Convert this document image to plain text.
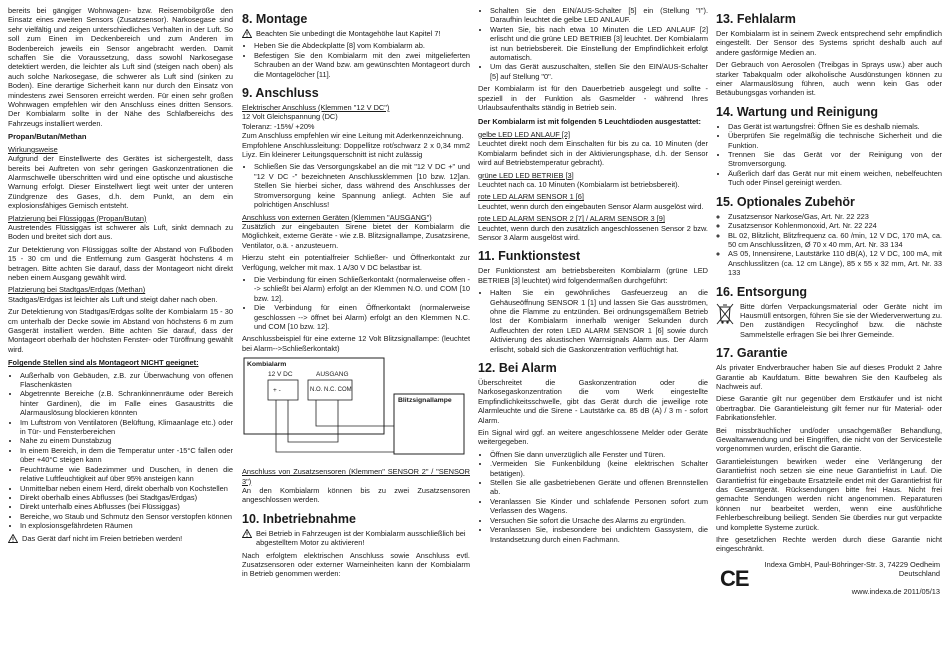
bereits bei gängiger Wohnwagen- bzw. Reisemobilgröße den Einsatz eines zweiten Sensors (Zusatzsensor). Narkosegase sind sehr vielfältig und zeigen unterschiedliches Verhalten in der Luft. So soll zum Einen im Deckenbereich und zum Anderen im Bodenbereich jeweils ein Sensor angebracht werden. Damit schaffen Sie die Voraussetzung, dass sowohl Narkosegase detektiert werden, die leichter als Luft sind (steigen nach oben) als auch solche Narkosegase, die schwerer als Luft sind (sinken zu Boden). Eine derartige Sicherheit kann nur durch den Einsatz von mindestens zwei Sensoren erreicht werden. Für einen sehr großen Wohnwagen empfehlen wir den Anschluss eines dritten Sensors. Der Kombialarm sollte in der Nähe des Schlafbereichs des Fahrzeugs installiert werden.

Propan/Butan/Methan

Wirkungsweise

Aufgrund der Einstellwerte des Gerätes ist sichergestellt, dass bereits bei Auftreten von sehr geringen Gaskonzentrationen die Alarmschwelle überschritten wird und eine optische und akustische Warnung erfolgt. Dieser Einstellwert liegt weit unter der unteren Zündgrenze des Gases, d.h. dem Punkt, an dem ein explosionsfähiges Gemisch entsteht.

Platzierung bei Flüssiggas (Propan/Butan)

Austretendes Flüssiggas ist schwerer als Luft, sinkt demnach zu Boden und breitet sich dort aus.

Zur Detektierung von Flüssiggas sollte der Abstand von Fußboden 15 - 30 cm und die Entfernung zum Gasgerät höchstens 4 m betragen. Bitte achten Sie darauf, dass der Montageort nicht direkt neben einem Ausgang gewählt wird.

Platzierung bei Stadtgas/Erdgas (Methan)

Stadtgas/Erdgas ist leichter als Luft und steigt daher nach oben.

Zur Detektierung von Stadtgas/Erdgas sollte der Kombialarm 15 - 30 cm unterhalb der Decke sowie im Abstand von höchstens 6 m zum Gasgerät installiert werden. Bitte achten Sie darauf, dass der Montageort oberhalb der höchsten Fenster- oder Türöffnung gewählt wird.

Folgende Stellen sind als Montageort NICHT geeignet:

• Außerhalb von Gebäuden, z.B. zur Überwachung von offenen Flaschenkästen
• Abgetrennte Bereiche (z.B. Schrankinnenräume oder Bereich hinter Gardinen), die im Falle eines Gasaustritts die Alarmauslösung blockieren könnten
• Im Luftstrom von Ventilatoren (Belüftung, Klimaanlage etc.) oder in Tür- und Fensterbereichen
• Nahe zu einem Dunstabzug
• In einem Bereich, in dem die Temperatur unter -15°C fallen oder über +40°C steigen kann
• Feuchträume wie Badezimmer und Duschen, in denen die relative Luftfeuchtigkeit auf über 95% ansteigen kann
• Unmittelbar neben einem Herd, direkt oberhalb von Kochstellen
• Direkt oberhalb eines Abflusses (bei Stadtgas/Erdgas)
• Direkt unterhalb eines Abflusses (bei Flüssiggas)
• Bereiche, wo Staub und Schmutz den Sensor verstopfen können
• In explosionsgefährdeten Räumen
Das Gerät darf nicht im Freien betrieben werden!
8. Montage
Beachten Sie unbedingt die Montagehöhe laut Kapitel 7!
• Heben Sie die Abdeckplatte [8] vom Kombialarm ab.
• Befestigen Sie den Kombialarm mit den zwei mitgelieferten Schrauben an der Wand bzw. am gewünschten Montageort durch die Montagelöcher [11].
9. Anschluss

Elektrischer Anschluss (Klemmen "12 V DC")

12 Volt Gleichspannung (DC)

Toleranz: -15%/ +20%

Zum Anschluss empfehlen wir eine Leitung mit Aderkennzeichnung.

Empfohlene Anschlussleitung: Doppellitze rot/schwarz 2 x 0,34 mm2 Liyz. Ein kleinerer Leitungsquerschnitt ist nicht zulässig

• Schließen Sie das Versorgungskabel an die mit "12 V DC +" und "12 V DC -" bezeichneten Anschlussklemmen [10 bzw. 12]an. Stellen Sie hierbei sicher, dass während des Anschlusses der Stromversorgung keine Spannung anliegt. Achten Sie auf polrichtigen Anschluss!

Anschluss von externen Geräten (Klemmen "AUSGANG")

Zusätzlich zur eingebauten Sirene bietet der Kombialarm die Möglichkeit, externe Geräte - wie z.B. Blitzsignallampe, Zusatzsirene, Ventilator, o.ä. - anzusteuern.

Hierzu steht ein potentialfreier Schließer- und Öffnerkontakt zur Verfügung, welcher mit max. 1 A/30 V DC belastbar ist.

• Die Verbindung für einen Schließerkontakt (normalerweise offen --> schließt bei Alarm) erfolgt an der Klemmen N.O. und COM [10 bzw. 12].
• Die Verbindung für einen Öffnerkontakt (normalerweise geschlossen --> öffnet bei Alarm) erfolgt an den Klemmen N.C. und COM [10 bzw. 12].

Anschlussbeispiel für eine externe 12 Volt Blitzsignallampe: (leuchtet bei Alarm-->Schließerkontakt)

Kombialarm
12 V DC
+ -
AUSGANG
N.O. N.C. COM
Blitzsignallampe

Anschluss von Zusatzsensoren (Klemmen" SENSOR 2" / "SENSOR 3")

An den Kombialarm können bis zu zwei Zusatzsensoren angeschlossen werden.

10. Inbetriebnahme
Bei Betrieb in Fahrzeugen ist der Kombialarm ausschließlich bei abgestelltem Motor zu aktivieren!

Nach erfolgtem elektrischen Anschluss sowie Anschluss evtl. Zusatzsensoren oder externer Warneinheiten kann der Kombialarm in Betrieb genommen werden:

• Schalten Sie den EIN/AUS-Schalter [5] ein (Stellung "I"). Daraufhin leuchtet die gelbe LED ANLAUF.
• Warten Sie, bis nach etwa 10 Minuten die LED ANLAUF [2] erlischt und die grüne LED BETRIEB [3] leuchtet. Der Kombialarm ist nun betriebsbereit. Die Einstellung der Empfindlichkeit erfolgt automatisch.
• Um das Gerät auszuschalten, stellen Sie den EIN/AUS-Schalter [5] auf Stellung "0".

Der Kombialarm ist für den Dauerbetrieb ausgelegt und sollte - speziell in der Funktion als Gasmelder - während Ihres Urlaubsaufenthalts ständig in Betrieb sein.

Der Kombialarm ist mit folgenden 5 Leuchtdioden ausgestattet:

gelbe LED LED ANLAUF [2]

Leuchtet direkt noch dem Einschalten für bis zu ca. 10 Minuten (der Kombialarm befindet sich in der Aktivierungsphase, d.h. der Sensor wird auf Betriebstemperatur gebracht).

grüne LED LED BETRIEB [3]

Leuchtet nach ca. 10 Minuten (Kombialarm ist betriebsbereit).

rote LED ALARM SENSOR 1 [6]

Leuchtet, wenn durch den eingebauten Sensor Alarm ausgelöst wird.

rote LED ALARM SENSOR 2 [7] / ALARM SENSOR 3 [9]

Leuchtet, wenn durch den zusätzlich angeschlossenen Sensor 2 bzw. Sensor 3 Alarm ausgelöst wird.

11. Funktionstest

Der Funktionstest am betriebsbereiten Kombialarm (grüne LED BETRIEB [3] leuchtet) wird folgendermaßen durchgeführt:

• Halten Sie ein gewöhnliches Gasfeuerzeug an die Gehäuseöffnung SENSOR 1 [1] und lassen Sie Gas ausströmen, ohne die Flamme zu entzünden. Bei ordnungsgemäßem Betrieb löst der Kombialarm innerhalb weniger Sekunden durch Aufleuchten der roten LED ALARM SENSOR 1 [6] sowie durch Aktivierung des akustischen Warnsignals Alarm aus. Der Alarm erlischt, sobald sich die Gaskonzentration verflüchtigt hat.
12. Bei Alarm

Überschreitet die Gaskonzentration oder die Narkosegaskonzentration die vom Werk eingestellte Empfindlichkeitsschwelle, gibt das Gerät durch die jeweilige rote Alarmleuchte und die Sirene - Lautstärke ca. 85 dB (A) / 3 m - sofort Alarm.

Ein Signal wird ggf. an weitere angeschlossene Melder oder Geräte weitergegeben.

• Öffnen Sie dann unverzüglich alle Fenster und Türen.
• .Vermeiden Sie Funkenbildung (keine elektrischen Schalter betätigen).
• Stellen Sie alle gasbetriebenen Geräte und offenen Brennstellen ab.
• Veranlassen Sie Kinder und schlafende Personen sofort zum Verlassen des Wagens.
• Versuchen Sie sofort die Ursache des Alarms zu ergründen.
• Veranlassen Sie, insbesondere bei undichtem Gassystem, die Instandsetzung durch einen Fachmann.
13. Fehlalarm

Der Kombialarm ist in seinem Zweck entsprechend sehr empfindlich eingestellt. Der Sensor des Systems spricht deshalb auch auf andere gasförmige Medien an.

Der Gebrauch von Aerosolen (Treibgas in Sprays usw.) aber auch starker Tabakqualm oder alkoholische Ausdünstungen können zu einer Alarmauslösung führen, auch wenn kein Gas oder Betäubungsgas vorhanden ist.

14. Wartung und Reinigung
• Das Gerät ist wartungsfrei: Öffnen Sie es deshalb niemals.
• Überprüfen Sie regelmäßig die technische Sicherheit und die Funktion.
• Trennen Sie das Gerät vor der Reinigung von der Stromversorgung.
• Äußerlich darf das Gerät nur mit einem weichen, nebelfeuchten Tuch oder Pinsel gereinigt werden.
15. Optionales Zubehör
◦ Zusatzsensor Narkose/Gas, Art. Nr. 22 223
◦ Zusatzsensor Kohlenmonoxid, Art. Nr. 22 224
◦ BL 02, Blitzlicht, Blitzfrequenz ca. 60 /min, 12 V DC, 170 mA, ca. 50 cm Anschlusslitzen, Ø 70 x 40 mm, Art. Nr. 33 134
◦ AS 05, Innensirene, Lautstärke 110 dB(A), 12 V DC, 100 mA, mit Anschlusslitzen (ca. 12 cm Länge), 85 x 55 x 32 mm, Art. Nr. 33 133
16. Entsorgung

Bitte dürfen Verpackungsmaterial oder Geräte nicht im Hausmüll entsorgen, führen Sie sie der Wiederverwertung zu. Den zuständigen Recyclinghof bzw. die nächste Sammelstelle erfragen Sie bei Ihrer Gemeinde.

17. Garantie

Als privater Endverbraucher haben Sie auf dieses Produkt 2 Jahre Garantie ab Kaufdatum. Bitte bewahren Sie den Kaufbeleg als Nachweis auf.

Diese Garantie gilt nur gegenüber dem Erstkäufer und ist nicht übertragbar. Die Garantieleistung gilt ferner nur für Material- oder Fabrikationsfehler.

Bei missbräuchlicher und/oder unsachgemäßer Behandlung, Gewaltanwendung und bei Eingriffen, die nicht von der Servicestelle vorgenommen wurden, erlischt die Garantie.

Garantieleistungen bewirken weder eine Verlängerung der Garantiefrist noch setzen sie eine neue Garantiefrist in Lauf. Die Garantiefrist für eingebaute Ersatzteile endet mit der Garantiefrist für das Gesamtgerät. Rücksendungen bitte frei Haus. Nicht frei gemachte Sendungen werden nicht angenommen. Reparaturen können nur bearbeitet werden, wenn eine ausführliche Fehlerbeschreibung beiliegt. Senden Sie überdies nur gut verpackte und komplette Systeme zurück.

Ihre gesetzlichen Rechte werden durch diese Garantie nicht eingeschränkt.

CE
Indexa GmbH, Paul-Böhringer-Str. 3, 74229 Oedheim
Deutschland
www.indexa.de 2011/05/13
